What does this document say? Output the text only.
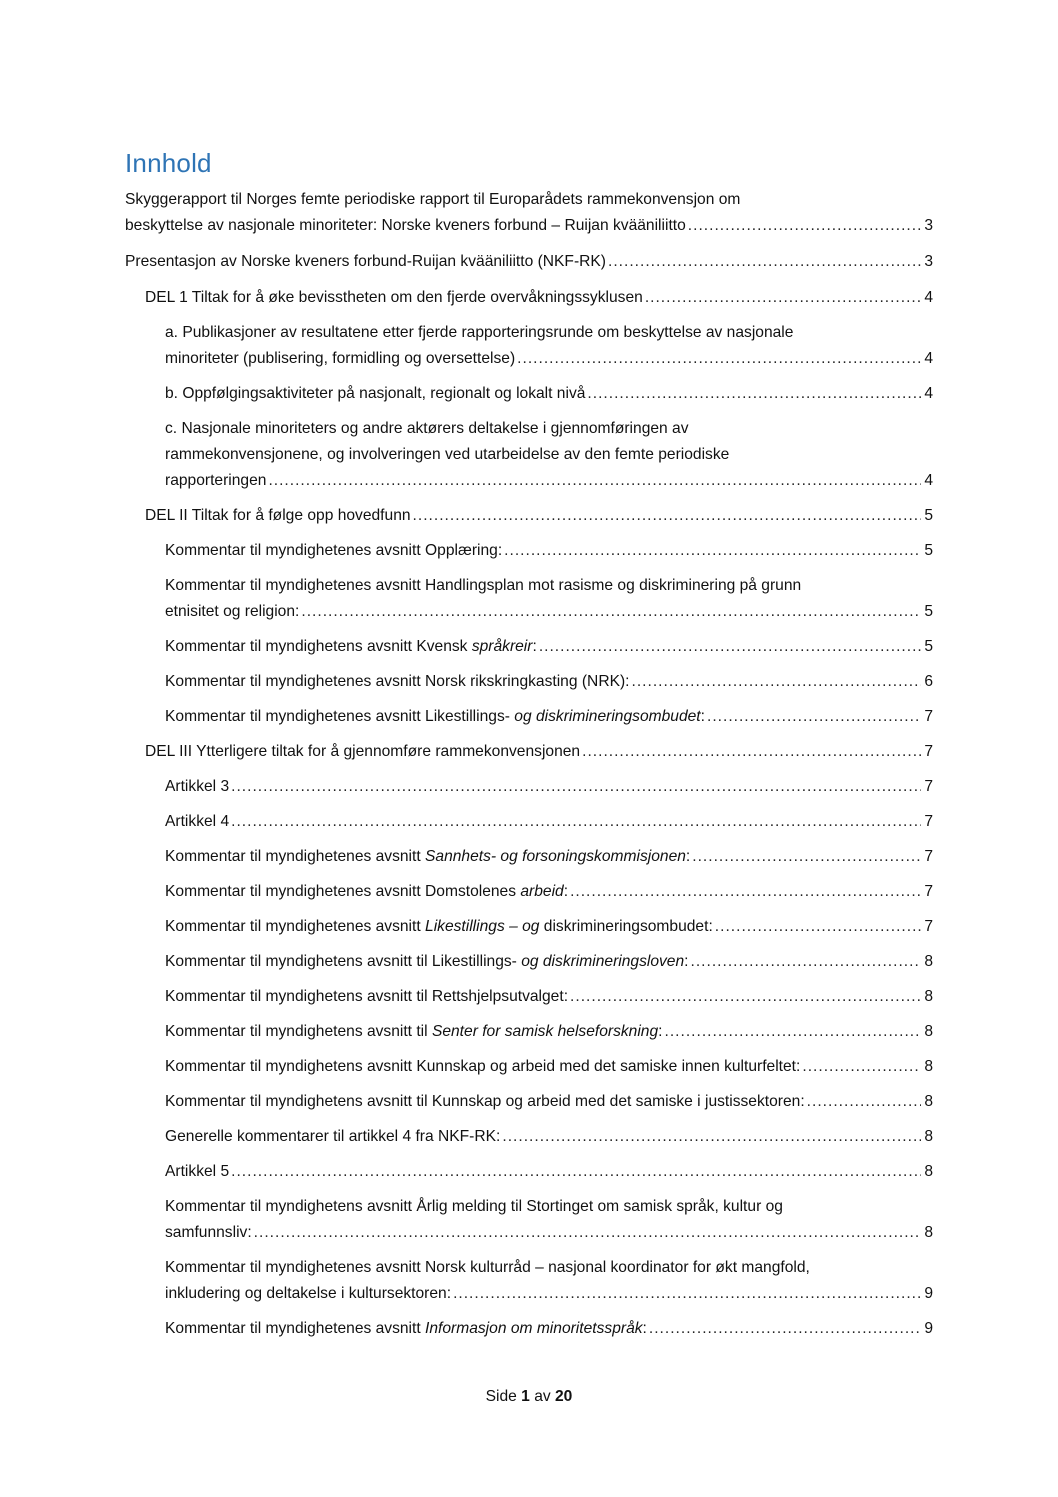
Innhold
Skyggerapport til Norges femte periodiske rapport til Europarådets rammekonvensjon om
beskyttelse av nasjonale minoriteter: Norske kveners forbund – Ruijan kvääniliitto .....	3
Presentasjon av Norske kveners forbund-Ruijan kvääniliitto (NKF-RK) .....	3
DEL 1 Tiltak for å øke bevisstheten om den fjerde overvåkningssyklusen .....	4
a. Publikasjoner av resultatene etter fjerde rapporteringsrunde om beskyttelse av nasjonale
minoriteter (publisering, formidling og oversettelse) .....	4
b. Oppfølgingsaktiviteter på nasjonalt, regionalt og lokalt nivå .....	4
c. Nasjonale minoriteters og andre aktørers deltakelse i gjennomføringen av
rammekonvensjonene, og involveringen ved utarbeidelse av den femte periodiske
rapporteringen .....	4
DEL II Tiltak for å følge opp hovedfunn .....	5
Kommentar til myndighetenes avsnitt Opplæring: .....	5
Kommentar til myndighetenes avsnitt Handlingsplan mot rasisme og diskriminering på grunn
etnisitet og religion: .....	5
Kommentar til myndighetens avsnitt Kvensk språkreir: .....	5
Kommentar til myndighetenes avsnitt Norsk rikskringkasting (NRK): .....	6
Kommentar til myndighetenes avsnitt Likestillings- og diskrimineringsombudet: .....	7
DEL III Ytterligere tiltak for å gjennomføre rammekonvensjonen .....	7
Artikkel 3 .....	7
Artikkel 4 .....	7
Kommentar til myndighetenes avsnitt Sannhets- og forsoningskommisjonen: .....	7
Kommentar til myndighetenes avsnitt Domstolenes arbeid: .....	7
Kommentar til myndighetenes avsnitt Likestillings – og diskrimineringsombudet: .....	7
Kommentar til myndighetens avsnitt til Likestillings- og diskrimineringsloven: .....	8
Kommentar til myndighetens avsnitt til Rettshjelpsutvalget: .....	8
Kommentar til myndighetens avsnitt til Senter for samisk helseforskning: .....	8
Kommentar til myndighetens avsnitt Kunnskap og arbeid med det samiske innen kulturfeltet: .....	8
Kommentar til myndighetens avsnitt til Kunnskap og arbeid med det samiske i justissektoren: .....	8
Generelle kommentarer til artikkel 4 fra NKF-RK: .....	8
Artikkel 5 .....	8
Kommentar til myndighetens avsnitt Årlig melding til Stortinget om samisk språk, kultur og
samfunnsliv: .....	8
Kommentar til myndighetenes avsnitt Norsk kulturråd – nasjonal koordinator for økt mangfold,
inkludering og deltakelse i kultursektoren: .....	9
Kommentar til myndighetenes avsnitt Informasjon om minoritetsspråk: .....	9
Side 1 av 20
